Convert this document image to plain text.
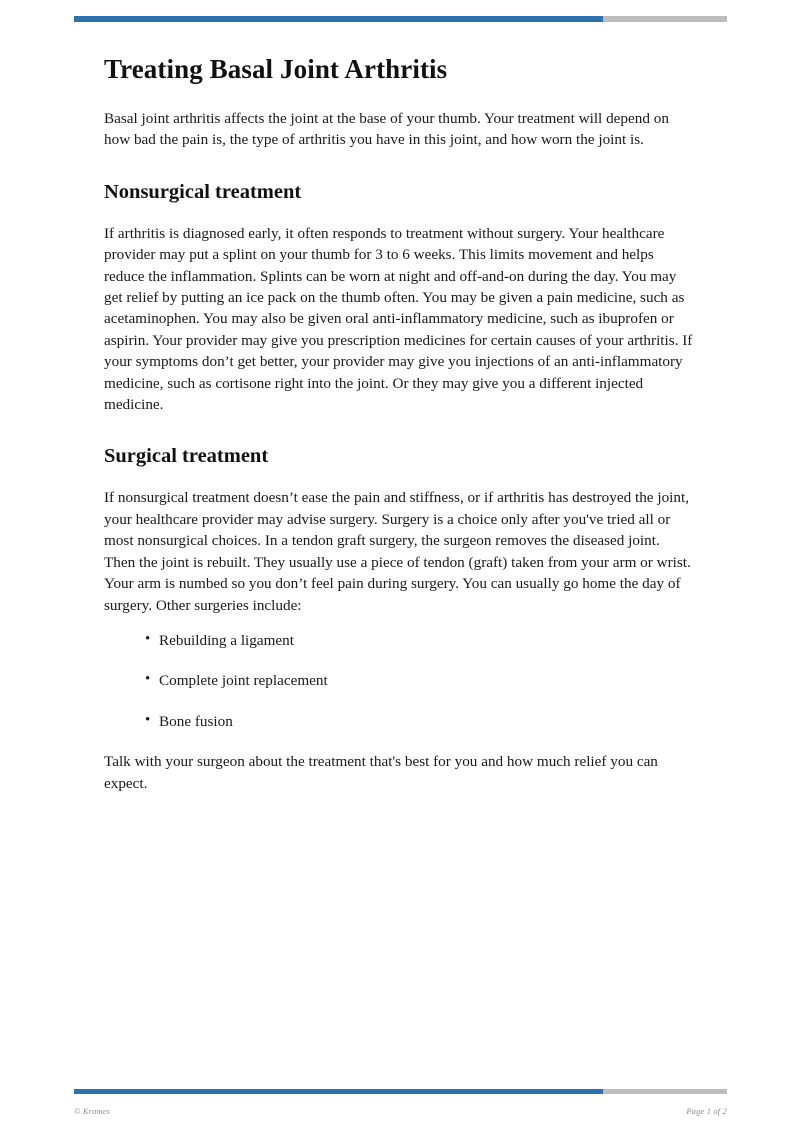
Treating Basal Joint Arthritis

Basal joint arthritis affects the joint at the base of your thumb. Your treatment will depend on how bad the pain is, the type of arthritis you have in this joint, and how worn the joint is.

Nonsurgical treatment

If arthritis is diagnosed early, it often responds to treatment without surgery. Your healthcare provider may put a splint on your thumb for 3 to 6 weeks. This limits movement and helps reduce the inflammation. Splints can be worn at night and off-and-on during the day. You may get relief by putting an ice pack on the thumb often. You may be given a pain medicine, such as acetaminophen. You may also be given oral anti-inflammatory medicine, such as ibuprofen or aspirin. Your provider may give you prescription medicines for certain causes of your arthritis. If your symptoms don’t get better, your provider may give you injections of an anti-inflammatory medicine, such as cortisone right into the joint. Or they may give you a different injected medicine.

Surgical treatment

If nonsurgical treatment doesn’t ease the pain and stiffness, or if arthritis has destroyed the joint, your healthcare provider may advise surgery. Surgery is a choice only after you've tried all or most nonsurgical choices. In a tendon graft surgery, the surgeon removes the diseased joint. Then the joint is rebuilt. They usually use a piece of tendon (graft) taken from your arm or wrist. Your arm is numbed so you don’t feel pain during surgery. You can usually go home the day of surgery. Other surgeries include:

• Rebuilding a ligament
• Complete joint replacement
• Bone fusion

Talk with your surgeon about the treatment that's best for you and how much relief you can expect.

© Krames	Page 1 of 2
